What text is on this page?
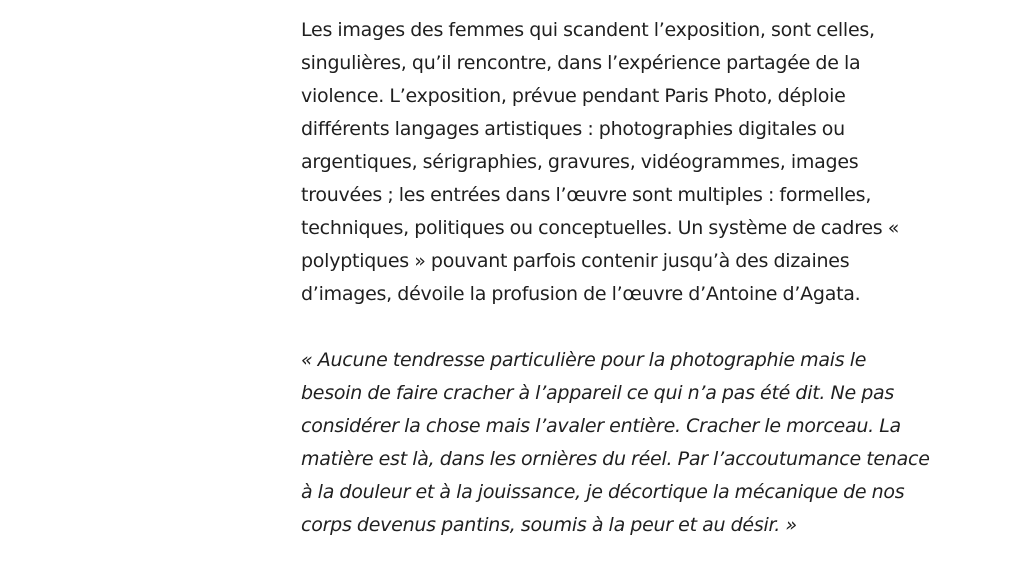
Les images des femmes qui scandent l’exposition, sont celles,
singulières, qu’il rencontre, dans l’expérience partagée de la
violence. L’exposition, prévue pendant Paris Photo, déploie
différents langages artistiques : photographies digitales ou
argentiques, sérigraphies, gravures, vidéogrammes, images
trouvées ; les entrées dans l’œuvre sont multiples : formelles,
techniques, politiques ou conceptuelles. Un système de cadres «
polyptiques » pouvant parfois contenir jusqu’à des dizaines
d’images, dévoile la profusion de l’œuvre d’Antoine d’Agata.

« Aucune tendresse particulière pour la photographie mais le
besoin de faire cracher à l’appareil ce qui n’a pas été dit. Ne pas
considérer la chose mais l’avaler entière. Cracher le morceau. La
matière est là, dans les ornières du réel. Par l’accoutumance tenace
à la douleur et à la jouissance, je décortique la mécanique de nos
corps devenus pantins, soumis à la peur et au désir. »
